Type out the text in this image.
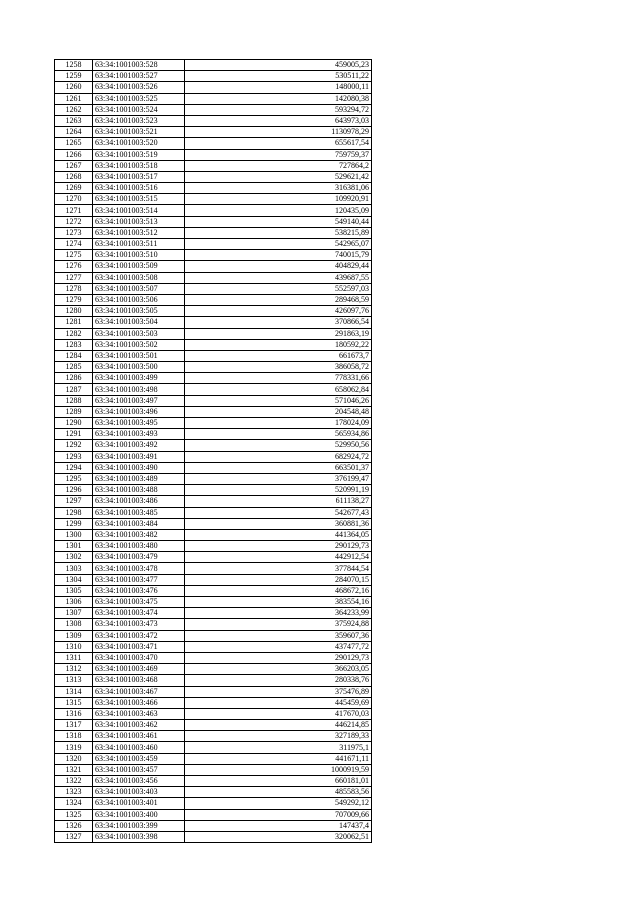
1258	63:34:1001003:528	459005,23
1259	63:34:1001003:527	530511,22
1260	63:34:1001003:526	148000,11
1261	63:34:1001003:525	142080,38
1262	63:34:1001003:524	593294,72
1263	63:34:1001003:523	643973,03
1264	63:34:1001003:521	1130978,29
1265	63:34:1001003:520	655617,54
1266	63:34:1001003:519	759759,37
1267	63:34:1001003:518	727864,2
1268	63:34:1001003:517	529621,42
1269	63:34:1001003:516	316381,06
1270	63:34:1001003:515	109920,91
1271	63:34:1001003:514	120435,09
1272	63:34:1001003:513	549140,44
1273	63:34:1001003:512	538215,89
1274	63:34:1001003:511	542965,07
1275	63:34:1001003:510	740015,79
1276	63:34:1001003:509	404829,44
1277	63:34:1001003:508	439687,55
1278	63:34:1001003:507	552597,03
1279	63:34:1001003:506	289468,59
1280	63:34:1001003:505	426097,76
1281	63:34:1001003:504	370866,54
1282	63:34:1001003:503	291863,19
1283	63:34:1001003:502	180592,22
1284	63:34:1001003:501	661673,7
1285	63:34:1001003:500	386058,72
1286	63:34:1001003:499	778331,66
1287	63:34:1001003:498	658062,84
1288	63:34:1001003:497	571046,26
1289	63:34:1001003:496	204548,48
1290	63:34:1001003:495	178024,09
1291	63:34:1001003:493	565934,86
1292	63:34:1001003:492	529950,56
1293	63:34:1001003:491	682924,72
1294	63:34:1001003:490	663501,37
1295	63:34:1001003:489	376199,47
1296	63:34:1001003:488	520991,19
1297	63:34:1001003:486	611138,27
1298	63:34:1001003:485	542677,43
1299	63:34:1001003:484	360881,36
1300	63:34:1001003:482	441364,05
1301	63:34:1001003:480	290129,73
1302	63:34:1001003:479	442912,54
1303	63:34:1001003:478	377844,54
1304	63:34:1001003:477	284070,15
1305	63:34:1001003:476	468672,16
1306	63:34:1001003:475	383554,16
1307	63:34:1001003:474	364233,99
1308	63:34:1001003:473	375924,88
1309	63:34:1001003:472	359607,36
1310	63:34:1001003:471	437477,72
1311	63:34:1001003:470	290129,73
1312	63:34:1001003:469	366203,05
1313	63:34:1001003:468	280338,76
1314	63:34:1001003:467	375476,89
1315	63:34:1001003:466	445459,69
1316	63:34:1001003:463	417670,03
1317	63:34:1001003:462	446214,85
1318	63:34:1001003:461	327189,33
1319	63:34:1001003:460	311975,1
1320	63:34:1001003:459	441671,11
1321	63:34:1001003:457	1000919,59
1322	63:34:1001003:456	660181,01
1323	63:34:1001003:403	485583,56
1324	63:34:1001003:401	549292,12
1325	63:34:1001003:400	707009,66
1326	63:34:1001003:399	147437,4
1327	63:34:1001003:398	320062,51
